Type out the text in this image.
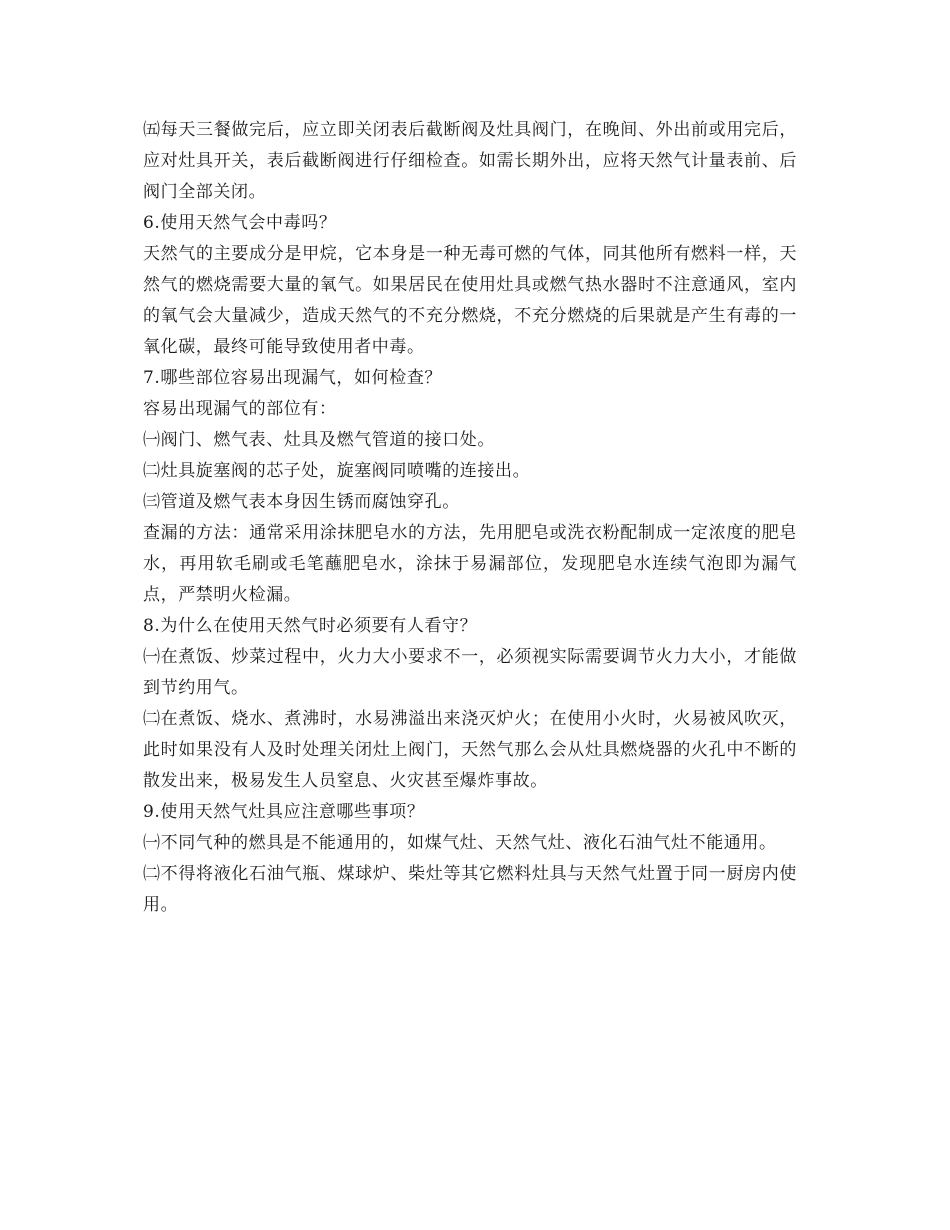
㈤每天三餐做完后，应立即关闭表后截断阀及灶具阀门，在晚间、外出前或用完后，应对灶具开关，表后截断阀进行仔细检查。如需长期外出，应将天然气计量表前、后阀门全部关闭。

6.使用天然气会中毒吗？

天然气的主要成分是甲烷，它本身是一种无毒可燃的气体，同其他所有燃料一样，天然气的燃烧需要大量的氧气。如果居民在使用灶具或燃气热水器时不注意通风，室内的氧气会大量减少，造成天然气的不充分燃烧，不充分燃烧的后果就是产生有毒的一氧化碳，最终可能导致使用者中毒。

7.哪些部位容易出现漏气，如何检查？

容易出现漏气的部位有：

㈠阀门、燃气表、灶具及燃气管道的接口处。

㈡灶具旋塞阀的芯子处，旋塞阀同喷嘴的连接出。

㈢管道及燃气表本身因生锈而腐蚀穿孔。

查漏的方法：通常采用涂抹肥皂水的方法，先用肥皂或洗衣粉配制成一定浓度的肥皂水，再用软毛刷或毛笔蘸肥皂水，涂抹于易漏部位，发现肥皂水连续气泡即为漏气点，严禁明火检漏。

8.为什么在使用天然气时必须要有人看守？

㈠在煮饭、炒菜过程中，火力大小要求不一，必须视实际需要调节火力大小，才能做到节约用气。

㈡在煮饭、烧水、煮沸时，水易沸溢出来浇灭炉火；在使用小火时，火易被风吹灭，此时如果没有人及时处理关闭灶上阀门，天然气那么会从灶具燃烧器的火孔中不断的散发出来，极易发生人员窒息、火灾甚至爆炸事故。

9.使用天然气灶具应注意哪些事项？

㈠不同气种的燃具是不能通用的，如煤气灶、天然气灶、液化石油气灶不能通用。

㈡不得将液化石油气瓶、煤球炉、柴灶等其它燃料灶具与天然气灶置于同一厨房内使用。
